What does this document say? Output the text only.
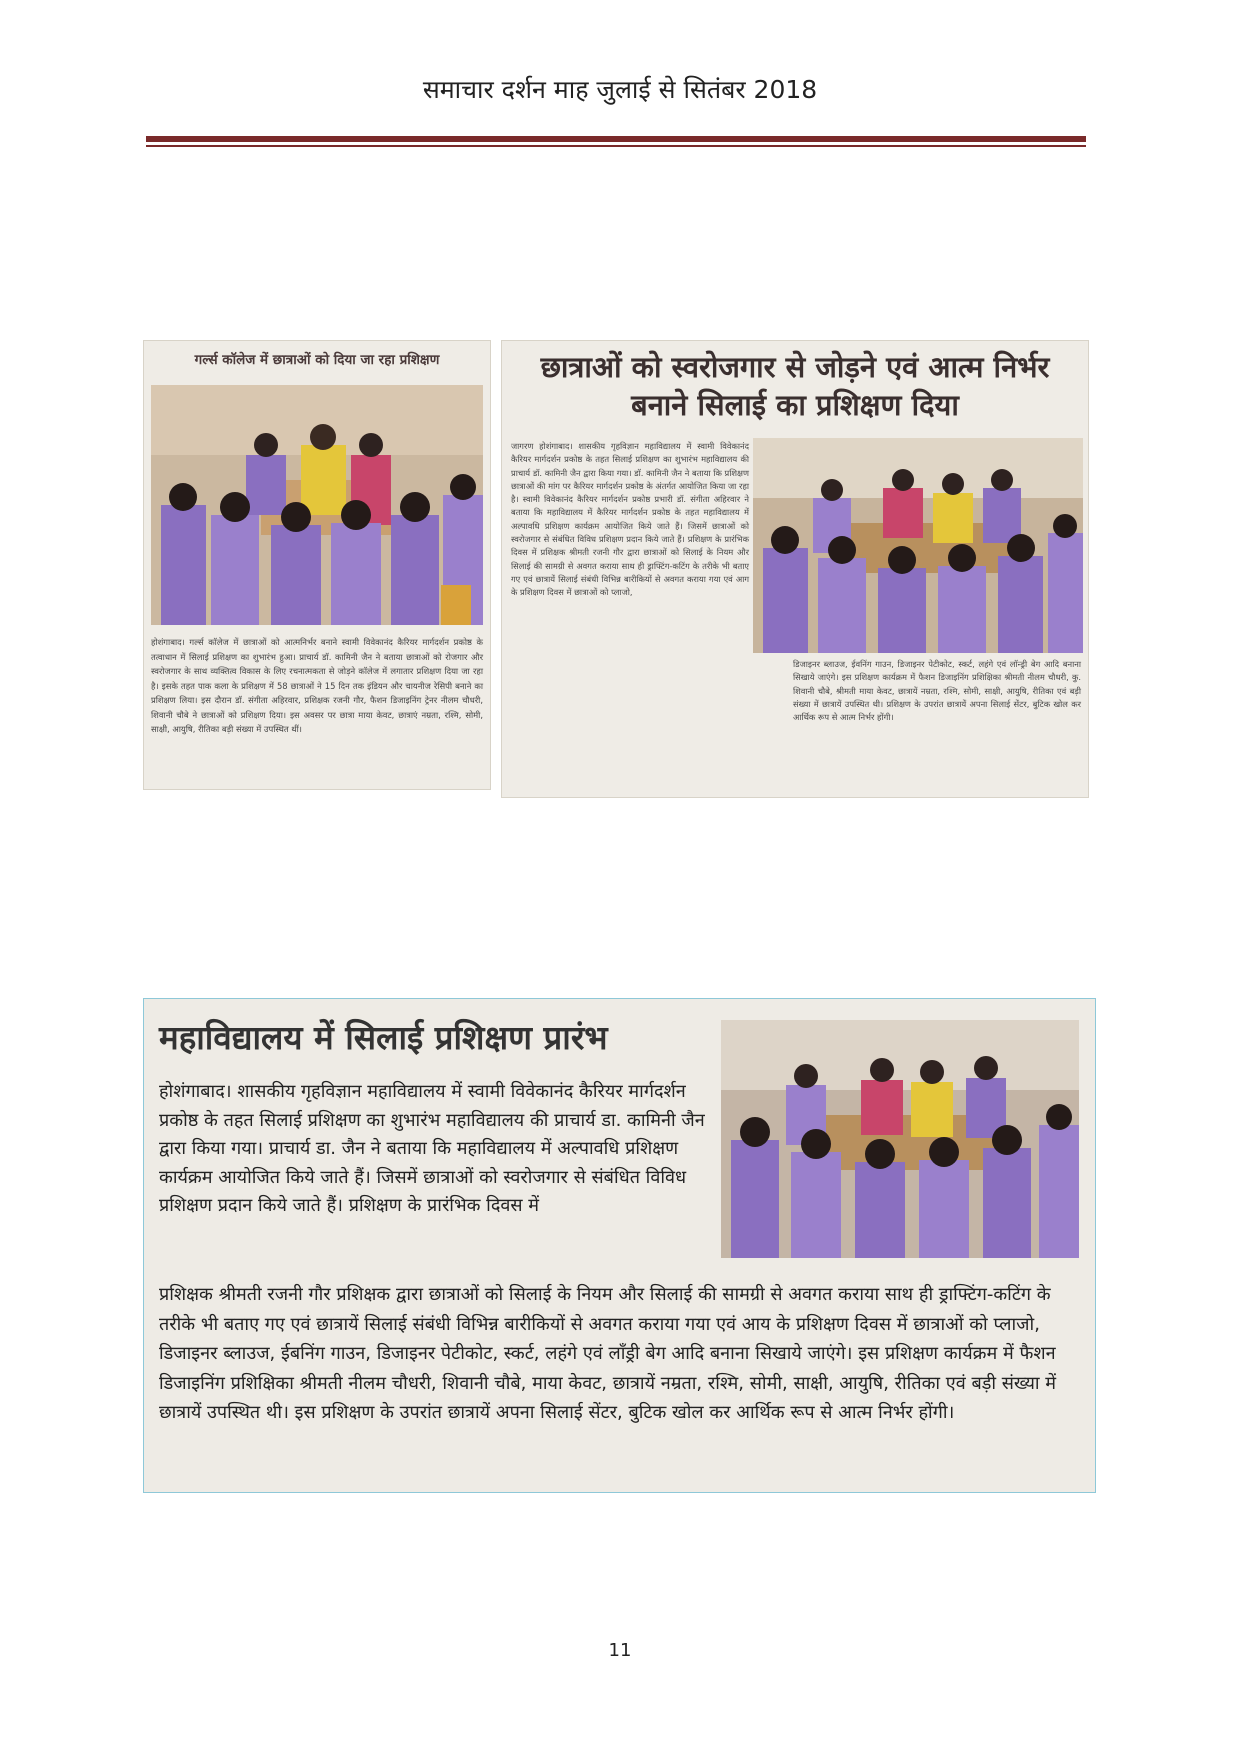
समाचार दर्शन माह जुलाई से सितंबर 2018
गर्ल्स कॉलेज में छात्राओं को दिया जा रहा प्रशिक्षण
होशंगाबाद। गर्ल्स कॉलेज में छात्राओं को आत्मनिर्भर बनाने स्वामी विवेकानंद कैरियर मार्गदर्शन प्रकोष्ठ के तत्वाधान में सिलाई प्रशिक्षण का शुभारंभ हुआ। प्राचार्य डॉ. कामिनी जैन ने बताया छात्राओं को रोजगार और स्वरोजगार के साथ व्यक्तित्व विकास के लिए रचनात्मकता से जोड़ने कॉलेज में लगातार प्रशिक्षण दिया जा रहा है। इसके तहत पाक कला के प्रशिक्षण में 58 छात्राओं ने 15 दिन तक इंडियन और चायनीज रेसिपी बनाने का प्रशिक्षण लिया। इस दौरान डॉ. संगीता अहिरवार, प्रशिक्षक रजनी गौर, फैशन डिजाइनिंग ट्रेनर नीलम चौधरी, शिवानी चौबे ने छात्राओं को प्रशिक्षण दिया। इस अवसर पर छात्रा माया केवट, छात्राएं नम्रता, रश्मि, सोमी, साक्षी, आयुषि, रीतिका बड़ी संख्या में उपस्थित थीं।
छात्राओं को स्वरोजगार से जोड़ने एवं आत्म निर्भर बनाने सिलाई का प्रशिक्षण दिया
जागरण होशंगाबाद। शासकीय गृहविज्ञान महाविद्यालय में स्वामी विवेकानंद कैरियर मार्गदर्शन प्रकोष्ठ के तहत सिलाई प्रशिक्षण का शुभारंभ महाविद्यालय की प्राचार्य डॉ. कामिनी जैन द्वारा किया गया। डॉ. कामिनी जैन ने बताया कि प्रशिक्षण छात्राओं की मांग पर कैरियर मार्गदर्शन प्रकोष्ठ के अंतर्गत आयोजित किया जा रहा है। स्वामी विवेकानंद कैरियर मार्गदर्शन प्रकोष्ठ प्रभारी डॉ. संगीता अहिरवार ने बताया कि महाविद्यालय में कैरियर मार्गदर्शन प्रकोष्ठ के तहत महाविद्यालय में अल्पावधि प्रशिक्षण कार्यक्रम आयोजित किये जाते हैं। जिसमें छात्राओं को स्वरोजगार से संबंधित विविध प्रशिक्षण प्रदान किये जाते हैं। प्रशिक्षण के प्रारंभिक दिवस में प्रशिक्षक श्रीमती रजनी गौर द्वारा छात्राओं को सिलाई के नियम और सिलाई की सामग्री से अवगत कराया साथ ही ड्राफ्टिंग-कटिंग के तरीके भी बताए गए एवं छात्रायें सिलाई संबंधी विभिन्न बारीकियों से अवगत कराया गया एवं आग के प्रशिक्षण दिवस में छात्राओं को प्लाजो,
डिजाइनर ब्लाउज, ईवनिंग गाउन, डिजाइनर पेटीकोट, स्कर्ट, लहंगे एवं लॉन्ड्री बेग आदि बनाना सिखाये जाएंगे। इस प्रशिक्षण कार्यक्रम में फैशन डिजाइनिंग प्रशिक्षिका श्रीमती नीलम चौधरी, कु. शिवानी चौबे, श्रीमती माया केवट, छात्रायें नम्रता, रश्मि, सोमी, साक्षी, आयुषि, रीतिका एवं बड़ी संख्या में छात्रायें उपस्थित थी। प्रशिक्षण के उपरांत छात्रायें अपना सिलाई सेंटर, बुटिक खोल कर आर्थिक रूप से आत्म निर्भर होंगी।
महाविद्यालय में सिलाई प्रशिक्षण प्रारंभ
होशंगाबाद। शासकीय गृहविज्ञान महाविद्यालय में स्वामी विवेकानंद कैरियर मार्गदर्शन प्रकोष्ठ के तहत सिलाई प्रशिक्षण का शुभारंभ महाविद्यालय की प्राचार्य डा. कामिनी जैन द्वारा किया गया। प्राचार्य डा. जैन ने बताया कि महाविद्यालय में अल्पावधि प्रशिक्षण कार्यक्रम आयोजित किये जाते हैं। जिसमें छात्राओं को स्वरोजगार से संबंधित विविध प्रशिक्षण प्रदान किये जाते हैं। प्रशिक्षण के प्रारंभिक दिवस में
प्रशिक्षक श्रीमती रजनी गौर प्रशिक्षक द्वारा छात्राओं को सिलाई के नियम और सिलाई की सामग्री से अवगत कराया साथ ही ड्राफ्टिंग-कटिंग के तरीके भी बताए गए एवं छात्रायें सिलाई संबंधी विभिन्न बारीकियों से अवगत कराया गया एवं आय के प्रशिक्षण दिवस में छात्राओं को प्लाजो, डिजाइनर ब्लाउज, ईबनिंग गाउन, डिजाइनर पेटीकोट, स्कर्ट, लहंगे एवं लॉंड्री बेग आदि बनाना सिखाये जाएंगे। इस प्रशिक्षण कार्यक्रम में फैशन डिजाइनिंग प्रशिक्षिका श्रीमती नीलम चौधरी, शिवानी चौबे, माया केवट, छात्रायें नम्रता, रश्मि, सोमी, साक्षी, आयुषि, रीतिका एवं बड़ी संख्या में छात्रायें उपस्थित थी। इस प्रशिक्षण के उपरांत छात्रायें अपना सिलाई सेंटर, बुटिक खोल कर आर्थिक रूप से आत्म निर्भर होंगी।
11
